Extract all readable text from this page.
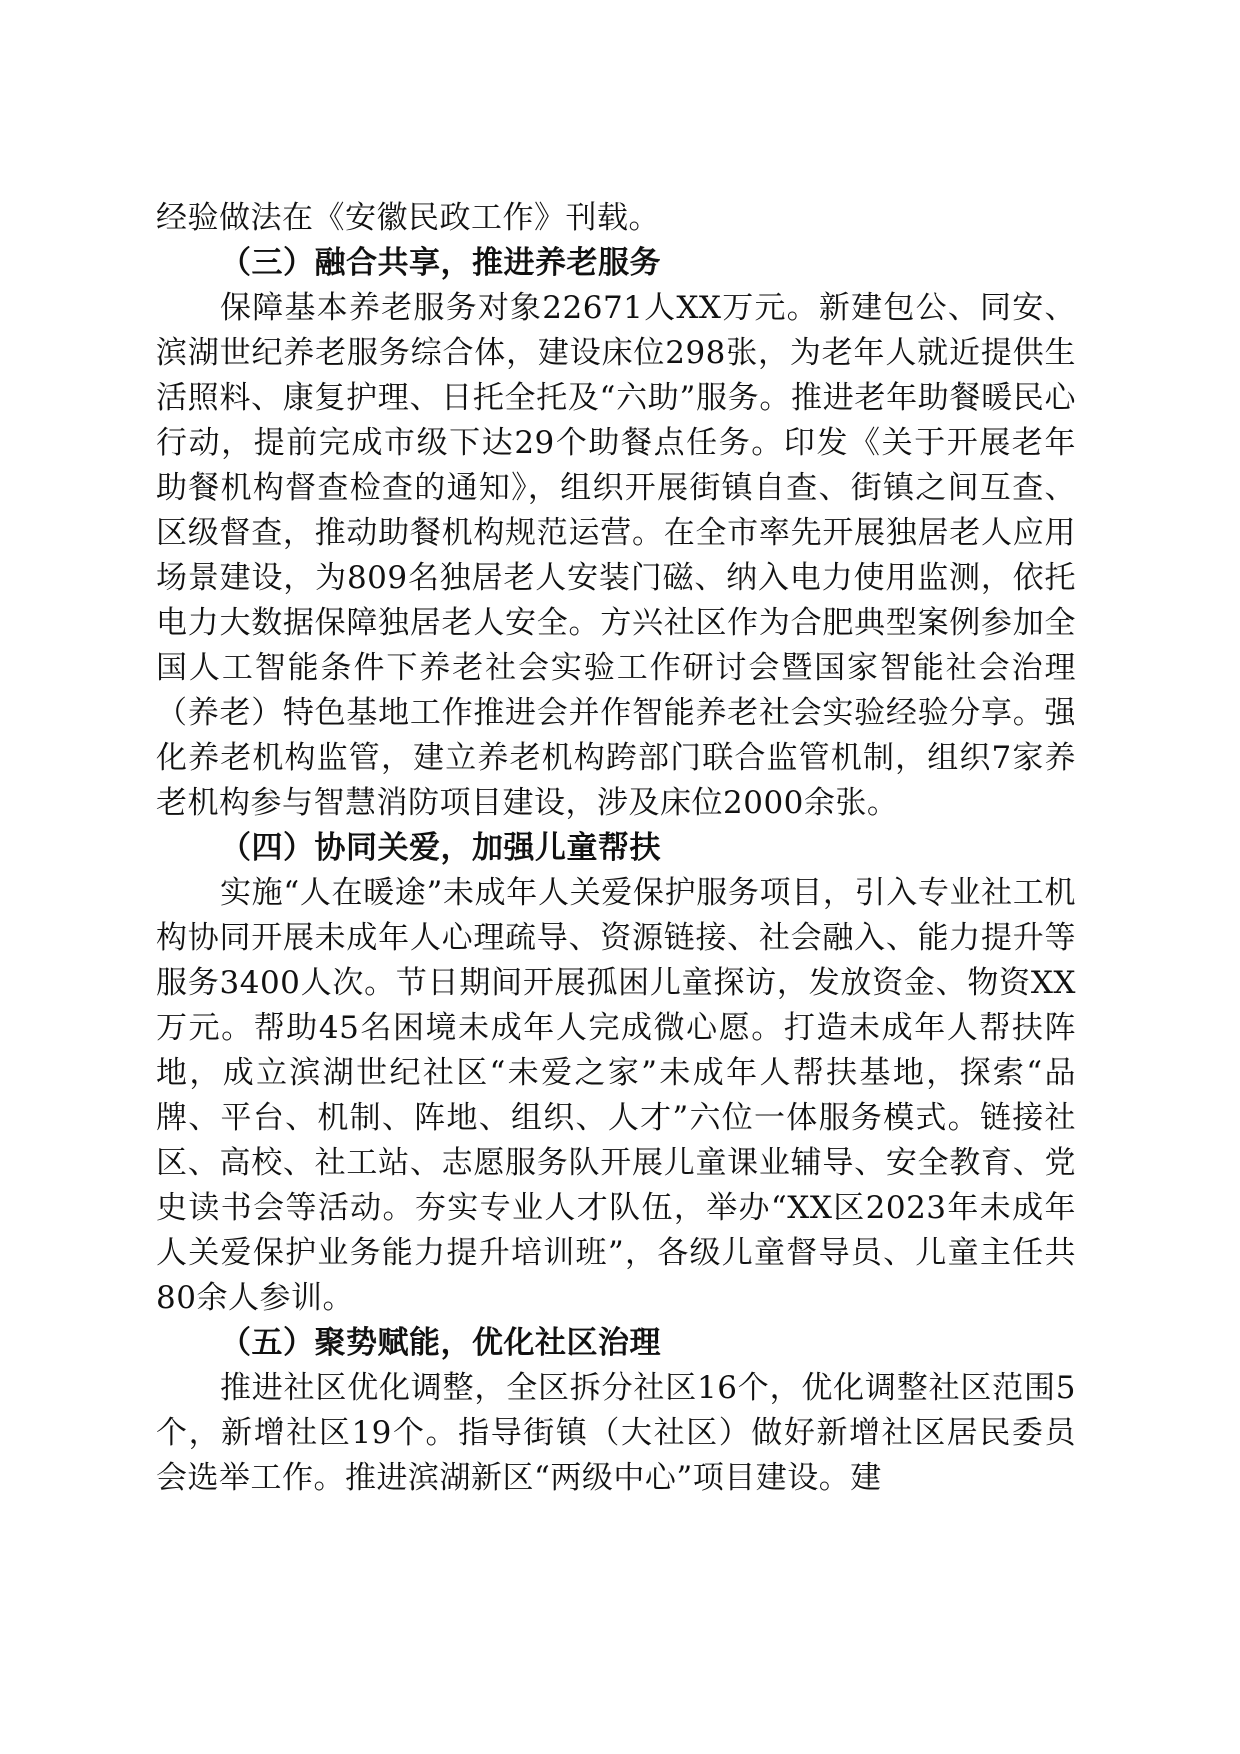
经验做法在《安徽民政工作》刊载。

（三）融合共享，推进养老服务

保障基本养老服务对象22671人XX万元。新建包公、同安、滨湖世纪养老服务综合体，建设床位298张，为老年人就近提供生活照料、康复护理、日托全托及“六助”服务。推进老年助餐暖民心行动，提前完成市级下达29个助餐点任务。印发《关于开展老年助餐机构督查检查的通知》，组织开展街镇自查、街镇之间互查、区级督查，推动助餐机构规范运营。在全市率先开展独居老人应用场景建设，为809名独居老人安装门磁、纳入电力使用监测，依托电力大数据保障独居老人安全。方兴社区作为合肥典型案例参加全国人工智能条件下养老社会实验工作研讨会暨国家智能社会治理（养老）特色基地工作推进会并作智能养老社会实验经验分享。强化养老机构监管，建立养老机构跨部门联合监管机制，组织7家养老机构参与智慧消防项目建设，涉及床位2000余张。

（四）协同关爱，加强儿童帮扶

实施“人在暖途”未成年人关爱保护服务项目，引入专业社工机构协同开展未成年人心理疏导、资源链接、社会融入、能力提升等服务3400人次。节日期间开展孤困儿童探访，发放资金、物资XX万元。帮助45名困境未成年人完成微心愿。打造未成年人帮扶阵地，成立滨湖世纪社区“未爱之家”未成年人帮扶基地，探索“品牌、平台、机制、阵地、组织、人才”六位一体服务模式。链接社区、高校、社工站、志愿服务队开展儿童课业辅导、安全教育、党史读书会等活动。夯实专业人才队伍，举办“XX区2023年未成年人关爱保护业务能力提升培训班”，各级儿童督导员、儿童主任共80余人参训。

（五）聚势赋能，优化社区治理

推进社区优化调整，全区拆分社区16个，优化调整社区范围5个，新增社区19个。指导街镇（大社区）做好新增社区居民委员会选举工作。推进滨湖新区“两级中心”项目建设。建
